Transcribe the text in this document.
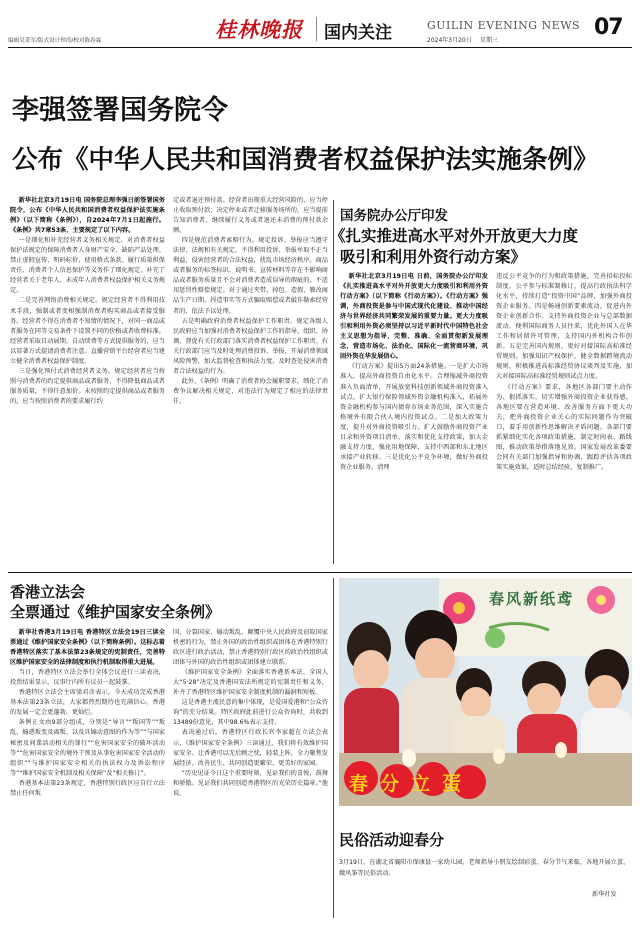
编辑吴采军/版式设计钟涛/校对陈春霖	桂林晚报	国内关注	GUILIN EVENING NEWS
2024年3月20日 星期三
07
李强签署国务院令
公布《中华人民共和国消费者权益保护法实施条例》

新华社北京3月19日电 国务院总理李强日前签署国务院令，公布《中华人民共和国消费者权益保护法实施条例》（以下简称《条例》），自2024年7月1日起施行。《条例》共7章53条，主要规定了以下内容。

一是细化和补充经营者义务相关规定。对消费者权益保护法规定的保障消费者人身财产安全、缺陷产品处理、禁止虚假宣传、明码标价、使用格式条款、履行质量担保责任、消费者个人信息保护等义务作了细化规定。补充了经营者关于老年人、未成年人消费者权益保护相关义务规定。

二是完善网络消费相关规定。规定经营者不得利用技术手段，强制或者变相强制消费者购买商品或者接受服务。经营者不得在消费者不知情的情况下，对同一商品或者服务在同等交易条件下设置不同的价格或者收费标准。经营者采取自动展期、自动续费等方式提供服务的，应当以显著方式提请消费者注意。直播营销平台经营者应当建立健全消费者权益保护制度。

三是强化预付式消费经营者义务。规定经营者应当按照与消费者的约定提供商品或者服务，不得降低商品或者服务质量，不得任意加价。未按照约定提供商品或者服务的，应当按照消费者的要求履行约

定或者退还预付款。经营者出现重大经营风险的，应当停止收取预付款；决定停业或者迁移服务场所的，应当提前告知消费者，继续履行义务或者退还未消费的预付款余额。

四是规范消费者索赔行为。规定投诉、举报应当遵守法律、法规和有关规定，不得利用投诉、举报牟取不正当利益，侵害经营者的合法权益，扰乱市场经济秩序。商品或者服务的标签标识、说明书、宣传材料等存在不影响商品或者服务质量且不会对消费者造成误导的瑕疵的，不适用惩罚性赔偿规定。对于通过夹带、掉包、造假、篡改商品生产日期、捏造事实等方式骗取赔偿或者敲诈勒索经营者的，依法予以处理。

五是明确政府消费者权益保护工作职责。规定各级人民政府应当加强对消费者权益保护工作的指导，组织、协调、督促有关行政部门落实消费者权益保护工作职责。有关行政部门应当及时处理消费投诉、举报，开展消费领域风险预警，加大监督检查和执法力度，及时查处侵害消费者合法权益的行为。

此外，《条例》明确了消费者协会履职要求，细化了消费争议解决相关规定，对违法行为规定了相应的法律责任。

国务院办公厅印发
《扎实推进高水平对外开放更大力度
吸引和利用外资行动方案》

新华社北京3月19日电 日前，国务院办公厅印发《扎实推进高水平对外开放更大力度吸引和利用外资行动方案》（以下简称《行动方案》）。《行动方案》强调，外商投资是参与中国式现代化建设、推动中国经济与世界经济共同繁荣发展的重要力量。更大力度吸引和利用外资必须坚持以习近平新时代中国特色社会主义思想为指导，完整、准确、全面贯彻新发展理念，营造市场化、法治化、国际化一流营商环境，巩固外资在华发展信心。

《行动方案》提出5方面24条措施。一是扩大市场准入，提高外商投资自由化水平。合理缩减外商投资准入负面清单，开展放宽科技创新领域外商投资准入试点，扩大银行保险领域外资金融机构准入，拓展外资金融机构参与国内债券市场业务范围，深入实施合格境外有限合伙人境内投资试点。二是加大政策力度，提升对外商投资吸引力。扩大鼓励外商投资产业目录和外资项目清单，落实和优化支持政策，加大金融支持力度，强化用地保障，支持中西部和东北地区承接产业转移。三是优化公平竞争环境，做好外商投资企业服务。清理

违反公平竞争的行为和政策措施，完善招标投标制度，公平参与标准制修订，提高行政执法科学化水平，持续打造“投资中国”品牌，加强外商投资企业服务。四是畅通创新要素流动，促进内外资企业创新合作。支持外商投资企业与总部数据流动，便利国际商务人员往来，优化外国人在华工作和居留许可管理，支持国内外机构合作创新。五是完善国内规则，更好对接国际高标准经贸规则。加强知识产权保护，健全数据跨境流动规则，积极推进高标准经贸协议谈判及实施，加大对接国际高标准经贸规则试点力度。

《行动方案》要求，各地区各部门要主动作为、狠抓落实，切实增强外商投资企业获得感。各地区要在营造环境、改善服务方面下更大功夫，把外商投资企业关心的实际问题作为突破口，着手用创新性思维解决矛盾问题。各部门要抓紧细化实化各项政策措施，制定时间表、路线图，推动政策举措落地见效。国家发展改革委要会同有关部门加强指导和协调，跟踪评估各项政策实施效果，适时总结经验，复制推广。

香港立法会
全票通过《维护国家安全条例》

新华社香港3月19日电 香港特区立法会19日三读全票通过《维护国家安全条例》（以下简称条例）。这标志着香港特区落实了基本法第23条规定的宪制责任，完善特区维护国家安全的法律制度和执行机制取得重大进展。

当日，香港特区立法会举行全体会议进行三读表决，投票结果显示，议事厅内所有议员一起鼓掌。

香港特区立法会主席梁君彦表示，今天成功完成香港基本法第23条立法，大家都热烈期待也充满信心，香港的发展一定会更蓬勃、更灿烂。

条例正文由9部分组成，分别是“导言”“叛国等”“叛乱、煽惑叛变及离叛、以及具煽动意图的作为等”“与国家秘密及间谍活动相关的罪行”“危害国家安全的破坏活动等”“危害国家安全的境外干预及从事危害国家安全活动的组织”“与维护国家安全相关的执法权力及诉讼程序等”“维护国家安全机制及相关保障”及“相关修订”。

香港基本法第23条规定，香港特别行政区应自行立法禁止任何叛

国、分裂国家、煽动叛乱、颠覆中央人民政府及窃取国家机密的行为，禁止外国的政治性组织或团体在香港特别行政区进行政治活动，禁止香港特别行政区的政治性组织或团体与外国的政治性组织或团体建立联系。

《维护国家安全条例》全面落实香港基本法、全国人大“5·28”决定及香港国安法所规定的宪制责任和义务，补齐了香港特区维护国家安全制度机制的漏洞和短板。

这是香港主流民意的集中体现，是爱国爱港和“公众咨询”的充分结果。特区政府此前进行公众咨询时，共收到13489份意见，其中98.6%表示支持。

表决通过后，香港特区行政长官李家超在立法会表示，《维护国家安全条例》三读通过，我们将有效维护国家安全、让香港可以无后顾之忧，轻装上阵，全力聚焦发展经济、改善民生、共同创造更繁荣、更美好的家园。

“历史见证今日这个重要时刻，见证我们的喜悦，鼓舞和骄傲。见证我们共同创造香港特区的光荣历史篇章。”他说。

春风新纸鸢
春分立蛋
民俗活动迎春分
3月19日，在湖北省襄阳市保康县一家幼儿园，老师指导小朋友绘制彩蛋。春分节气来临，各地开展立蛋、做风筝等民俗活动。
新华社发
